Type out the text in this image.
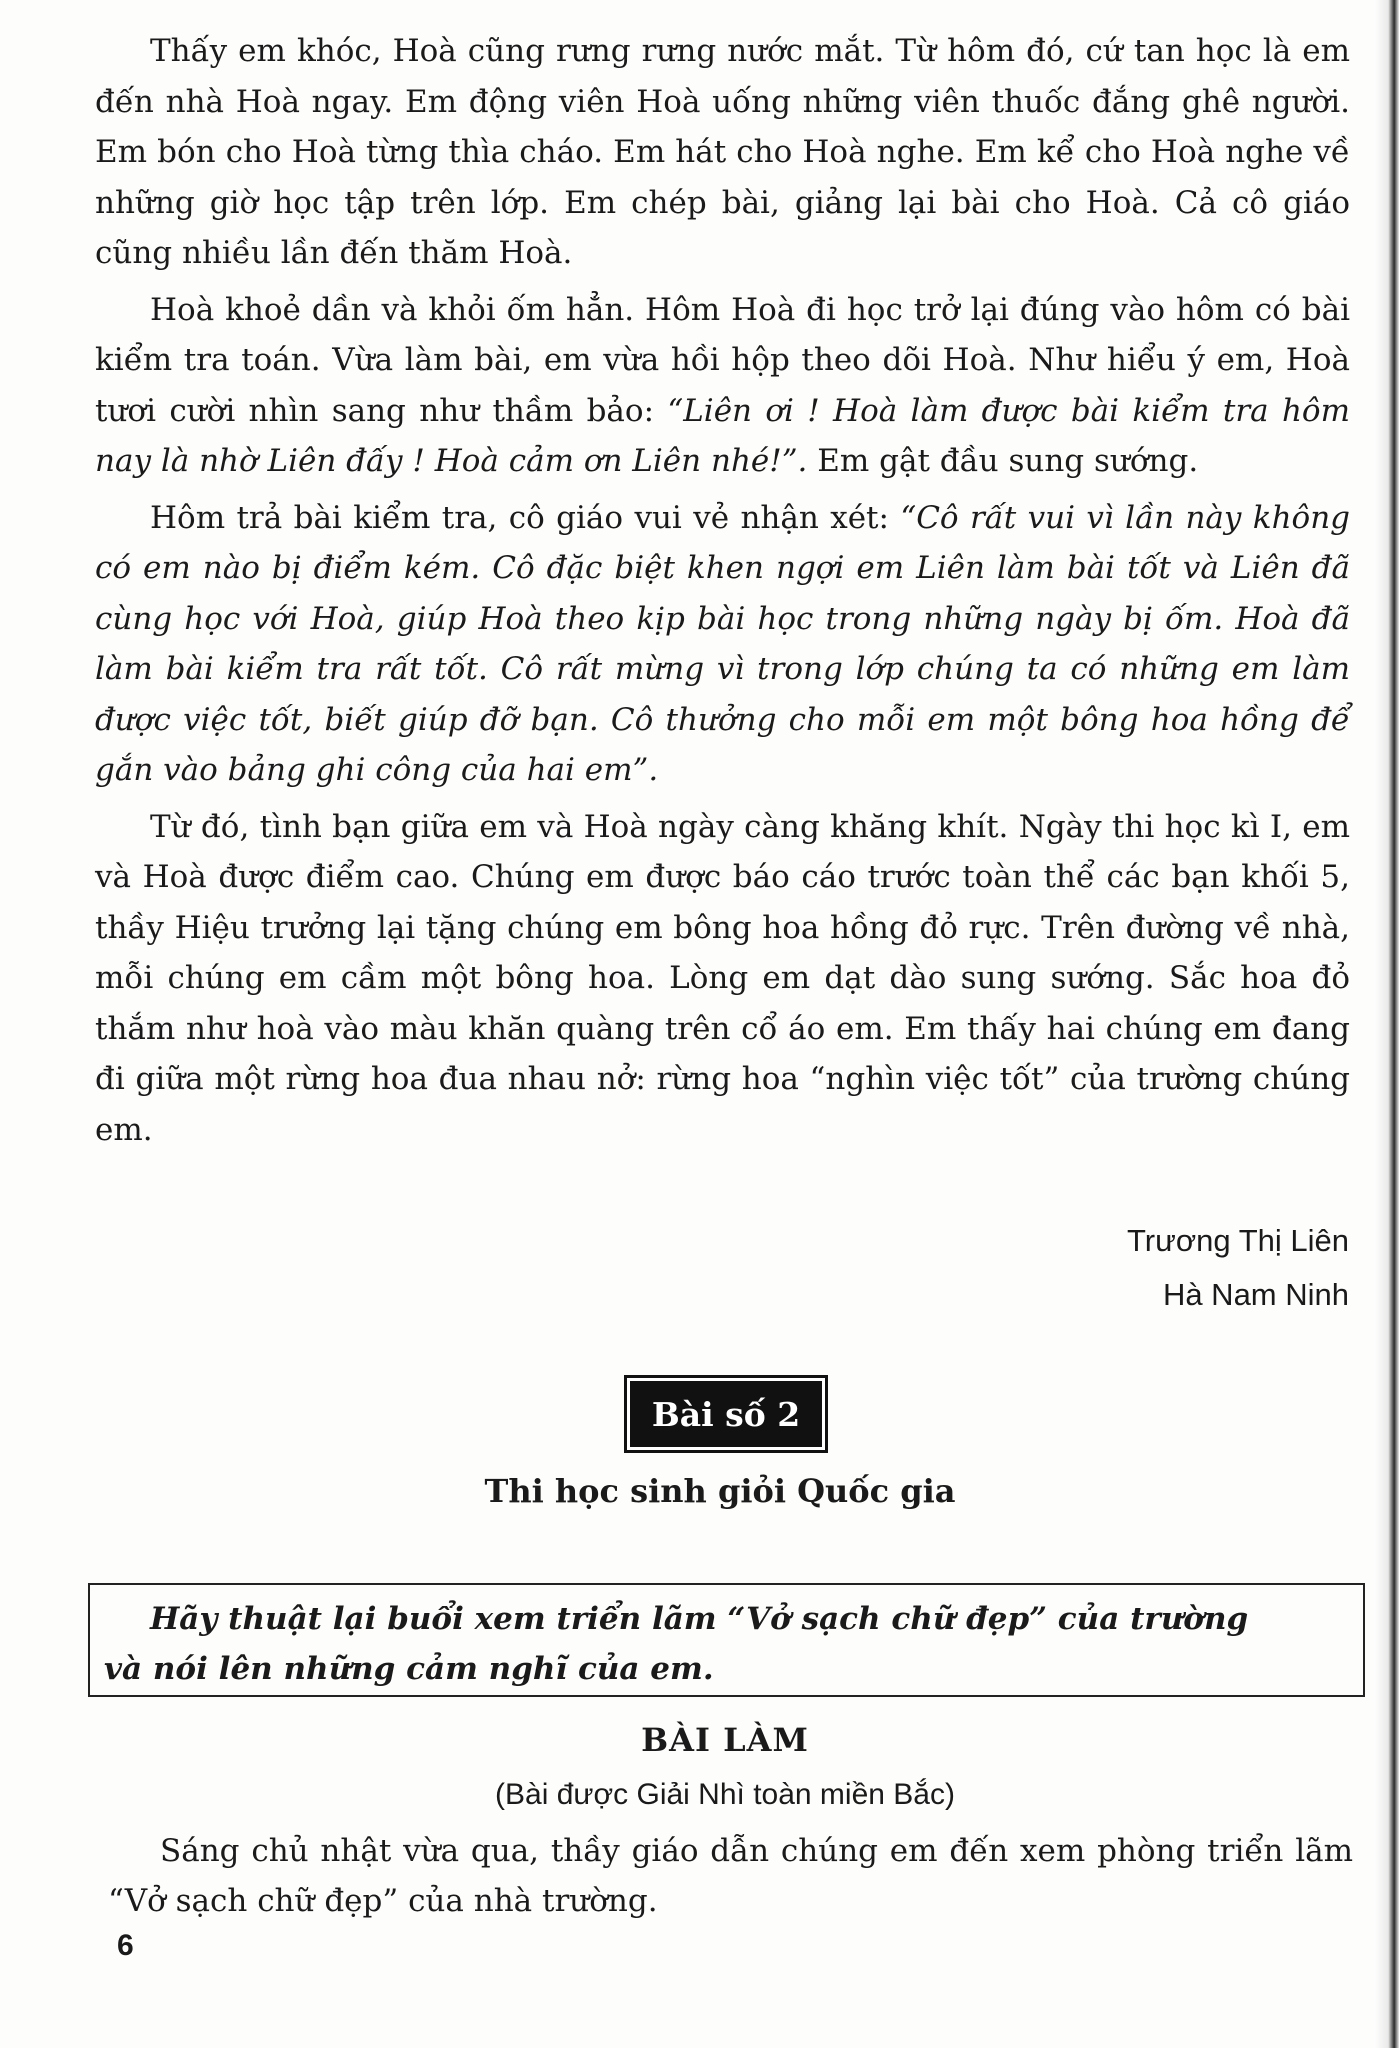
Thấy em khóc, Hoà cũng rưng rưng nước mắt. Từ hôm đó, cứ tan học là em đến nhà Hoà ngay. Em động viên Hoà uống những viên thuốc đắng ghê người. Em bón cho Hoà từng thìa cháo. Em hát cho Hoà nghe. Em kể cho Hoà nghe về những giờ học tập trên lớp. Em chép bài, giảng lại bài cho Hoà. Cả cô giáo cũng nhiều lần đến thăm Hoà.

Hoà khoẻ dần và khỏi ốm hẳn. Hôm Hoà đi học trở lại đúng vào hôm có bài kiểm tra toán. Vừa làm bài, em vừa hồi hộp theo dõi Hoà. Như hiểu ý em, Hoà tươi cười nhìn sang như thầm bảo: “Liên ơi ! Hoà làm được bài kiểm tra hôm nay là nhờ Liên đấy ! Hoà cảm ơn Liên nhé!”. Em gật đầu sung sướng.

Hôm trả bài kiểm tra, cô giáo vui vẻ nhận xét: “Cô rất vui vì lần này không có em nào bị điểm kém. Cô đặc biệt khen ngợi em Liên làm bài tốt và Liên đã cùng học với Hoà, giúp Hoà theo kịp bài học trong những ngày bị ốm. Hoà đã làm bài kiểm tra rất tốt. Cô rất mừng vì trong lớp chúng ta có những em làm được việc tốt, biết giúp đỡ bạn. Cô thưởng cho mỗi em một bông hoa hồng để gắn vào bảng ghi công của hai em”.

Từ đó, tình bạn giữa em và Hoà ngày càng khăng khít. Ngày thi học kì I, em và Hoà được điểm cao. Chúng em được báo cáo trước toàn thể các bạn khối 5, thầy Hiệu trưởng lại tặng chúng em bông hoa hồng đỏ rực. Trên đường về nhà, mỗi chúng em cầm một bông hoa. Lòng em dạt dào sung sướng. Sắc hoa đỏ thắm như hoà vào màu khăn quàng trên cổ áo em. Em thấy hai chúng em đang đi giữa một rừng hoa đua nhau nở: rừng hoa “nghìn việc tốt” của trường chúng em.

Trương Thị Liên
Hà Nam Ninh
Bài số 2
Thi học sinh giỏi Quốc gia
Hãy thuật lại buổi xem triển lãm “Vở sạch chữ đẹp” của trường
và nói lên những cảm nghĩ của em.
BÀI LÀM
(Bài được Giải Nhì toàn miền Bắc)

Sáng chủ nhật vừa qua, thầy giáo dẫn chúng em đến xem phòng triển lãm “Vở sạch chữ đẹp” của nhà trường.

6
